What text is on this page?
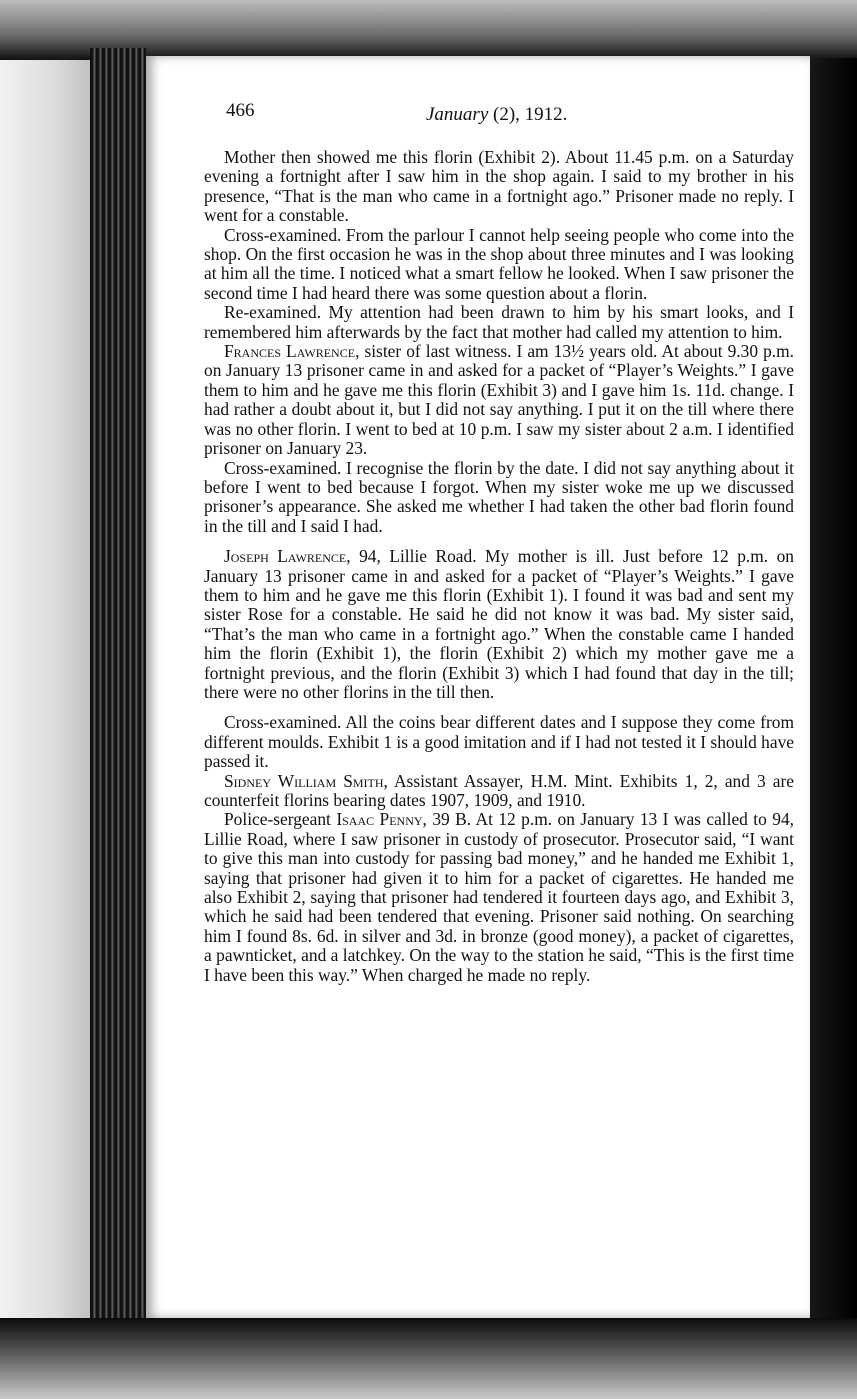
466	January (2), 1912.

Mother then showed me this florin (Exhibit 2). About 11.45 p.m. on a Saturday evening a fortnight after I saw him in the shop again. I said to my brother in his presence, “That is the man who came in a fortnight ago.” Prisoner made no reply. I went for a constable.

Cross-examined. From the parlour I cannot help seeing people who come into the shop. On the first occasion he was in the shop about three minutes and I was looking at him all the time. I noticed what a smart fellow he looked. When I saw prisoner the second time I had heard there was some question about a florin.

Re-examined. My attention had been drawn to him by his smart looks, and I remembered him afterwards by the fact that mother had called my attention to him.

Frances Lawrence, sister of last witness. I am 13½ years old. At about 9.30 p.m. on January 13 prisoner came in and asked for a packet of “Player’s Weights.” I gave them to him and he gave me this florin (Exhibit 3) and I gave him 1s. 11d. change. I had rather a doubt about it, but I did not say anything. I put it on the till where there was no other florin. I went to bed at 10 p.m. I saw my sister about 2 a.m. I identified prisoner on January 23.

Cross-examined. I recognise the florin by the date. I did not say anything about it before I went to bed because I forgot. When my sister woke me up we discussed prisoner’s appearance. She asked me whether I had taken the other bad florin found in the till and I said I had.

Joseph Lawrence, 94, Lillie Road. My mother is ill. Just before 12 p.m. on January 13 prisoner came in and asked for a packet of “Player’s Weights.” I gave them to him and he gave me this florin (Exhibit 1). I found it was bad and sent my sister Rose for a constable. He said he did not know it was bad. My sister said, “That’s the man who came in a fortnight ago.” When the constable came I handed him the florin (Exhibit 1), the florin (Exhibit 2) which my mother gave me a fortnight previous, and the florin (Exhibit 3) which I had found that day in the till; there were no other florins in the till then.

Cross-examined. All the coins bear different dates and I suppose they come from different moulds. Exhibit 1 is a good imitation and if I had not tested it I should have passed it.

Sidney William Smith, Assistant Assayer, H.M. Mint. Exhibits 1, 2, and 3 are counterfeit florins bearing dates 1907, 1909, and 1910.

Police-sergeant Isaac Penny, 39 B. At 12 p.m. on January 13 I was called to 94, Lillie Road, where I saw prisoner in custody of prosecutor. Prosecutor said, “I want to give this man into custody for passing bad money,” and he handed me Exhibit 1, saying that prisoner had given it to him for a packet of cigarettes. He handed me also Exhibit 2, saying that prisoner had tendered it fourteen days ago, and Exhibit 3, which he said had been tendered that evening. Prisoner said nothing. On searching him I found 8s. 6d. in silver and 3d. in bronze (good money), a packet of cigarettes, a pawnticket, and a latchkey. On the way to the station he said, “This is the first time I have been this way.” When charged he made no reply.
